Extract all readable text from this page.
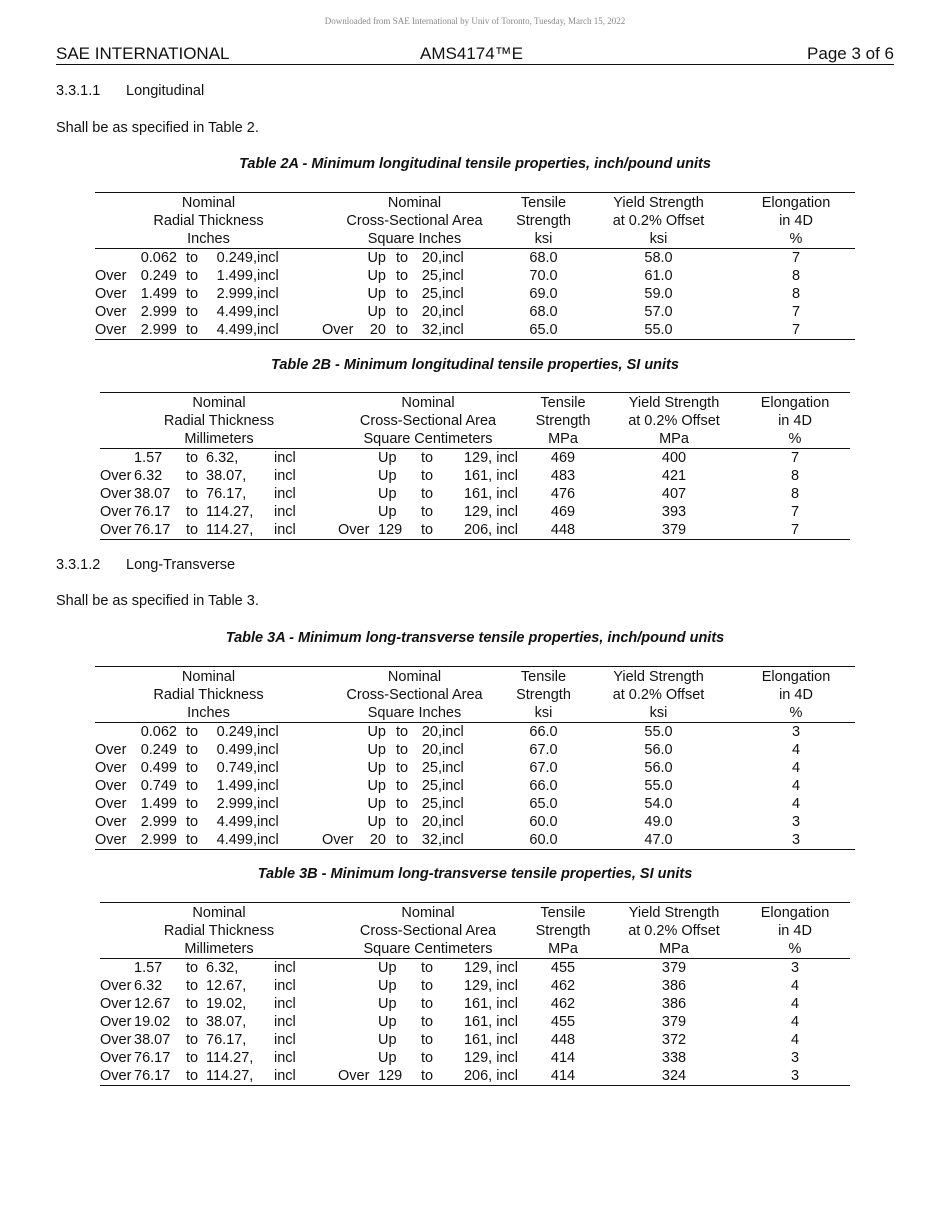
Downloaded from SAE International by Univ of Toronto, Tuesday, March 15, 2022
SAE INTERNATIONAL	AMS4174™E	Page 3 of 6
3.3.1.1 Longitudinal
Shall be as specified in Table 2.
Table 2A - Minimum longitudinal tensile properties, inch/pound units
Nominal					Nominal					Tensile	Yield Strength	Elongation
Radial Thickness					Cross-Sectional Area					Strength	at 0.2% Offset	in 4D
Inches					Square Inches					ksi	ksi	%
	0.062	to	0.249,	incl			Up	to	20,	incl	68.0	58.0	7
Over	0.249	to	1.499,	incl			Up	to	25,	incl	70.0	61.0	8
Over	1.499	to	2.999,	incl			Up	to	25,	incl	69.0	59.0	8
Over	2.999	to	4.499,	incl			Up	to	20,	incl	68.0	57.0	7
Over	2.999	to	4.499,	incl		Over	20	to	32,	incl	65.0	55.0	7
Table 2B - Minimum longitudinal tensile properties, SI units
Nominal					Nominal				Tensile	Yield Strength	Elongation
Radial Thickness					Cross-Sectional Area				Strength	at 0.2% Offset	in 4D
Millimeters					Square Centimeters				MPa	MPa	%
	1.57	to	6.32,	incl			Up	to	129, incl		469	400	7
Over	6.32	to	38.07,	incl			Up	to	161, incl		483	421	8
Over	38.07	to	76.17,	incl			Up	to	161, incl		476	407	8
Over	76.17	to	114.27,	incl			Up	to	129, incl		469	393	7
Over	76.17	to	114.27,	incl		Over	129	to	206, incl		448	379	7
3.3.1.2 Long-Transverse
Shall be as specified in Table 3.
Table 3A - Minimum long-transverse tensile properties, inch/pound units
Nominal					Nominal					Tensile	Yield Strength	Elongation
Radial Thickness					Cross-Sectional Area					Strength	at 0.2% Offset	in 4D
Inches					Square Inches					ksi	ksi	%
	0.062	to	0.249,	incl			Up	to	20,	incl	66.0	55.0	3
Over	0.249	to	0.499,	incl			Up	to	20,	incl	67.0	56.0	4
Over	0.499	to	0.749,	incl			Up	to	25,	incl	67.0	56.0	4
Over	0.749	to	1.499,	incl			Up	to	25,	incl	66.0	55.0	4
Over	1.499	to	2.999,	incl			Up	to	25,	incl	65.0	54.0	4
Over	2.999	to	4.499,	incl			Up	to	20,	incl	60.0	49.0	3
Over	2.999	to	4.499,	incl		Over	20	to	32,	incl	60.0	47.0	3
Table 3B - Minimum long-transverse tensile properties, SI units
Nominal					Nominal				Tensile	Yield Strength	Elongation
Radial Thickness					Cross-Sectional Area				Strength	at 0.2% Offset	in 4D
Millimeters					Square Centimeters				MPa	MPa	%
	1.57	to	6.32,	incl			Up	to	129, incl		455	379	3
Over	6.32	to	12.67,	incl			Up	to	129, incl		462	386	4
Over	12.67	to	19.02,	incl			Up	to	161, incl		462	386	4
Over	19.02	to	38.07,	incl			Up	to	161, incl		455	379	4
Over	38.07	to	76.17,	incl			Up	to	161, incl		448	372	4
Over	76.17	to	114.27,	incl			Up	to	129, incl		414	338	3
Over	76.17	to	114.27,	incl		Over	129	to	206, incl		414	324	3
